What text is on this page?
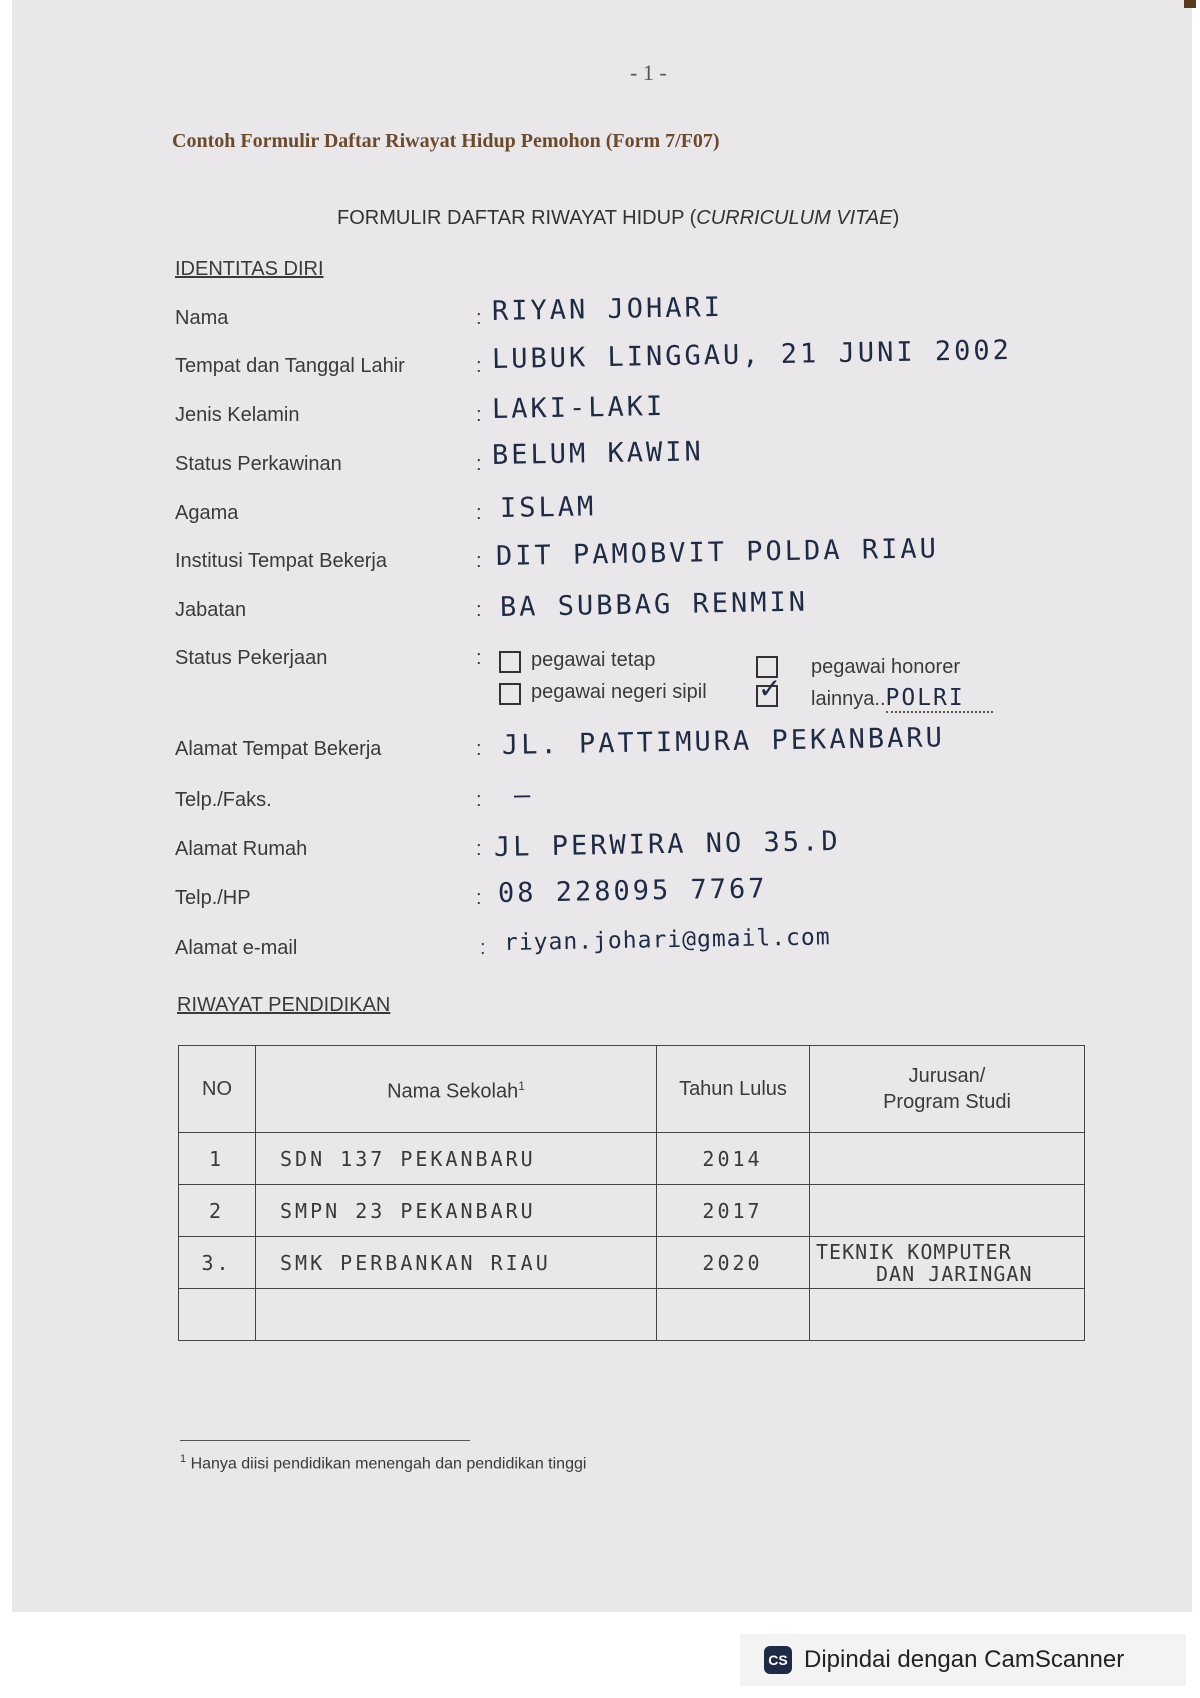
- 1 -
Contoh Formulir Daftar Riwayat Hidup Pemohon (Form 7/F07)
FORMULIR DAFTAR RIWAYAT HIDUP (CURRICULUM VITAE)
IDENTITAS DIRI
Nama	: RIYAN JOHARI
Tempat dan Tanggal Lahir	: LUBUK LINGGAU, 21 JUNI 2002
Jenis Kelamin	: LAKI-LAKI
Status Perkawinan	: BELUM KAWIN
Agama	: ISLAM
Institusi Tempat Bekerja	: DIT PAMOBVIT POLDA RIAU
Jabatan	: BA SUBBAG RENMIN
Status Pekerjaan	: pegawai tetap
pegawai negeri sipil
pegawai honorer
✓ lainnya..POLRI
Alamat Tempat Bekerja	: JL. PATTIMURA PEKANBARU
Telp./Faks.	: —
Alamat Rumah	: JL PERWIRA NO 35.D
Telp./HP	: 08 228095 7767
Alamat e-mail	: riyan.johari@gmail.com
RIWAYAT PENDIDIKAN
NO	Nama Sekolah$^1$	Tahun Lulus	Jurusan/
Program Studi

1	SDN 137 PEKANBARU	2014	
2	SMPN 23 PEKANBARU	2017	
3.	SMK PERBANKAN RIAU	2020	TEKNIK KOMPUTER
DAN JARINGAN

$^1$ Hanya diisi pendidikan menengah dan pendidikan tinggi
CS Dipindai dengan CamScanner
